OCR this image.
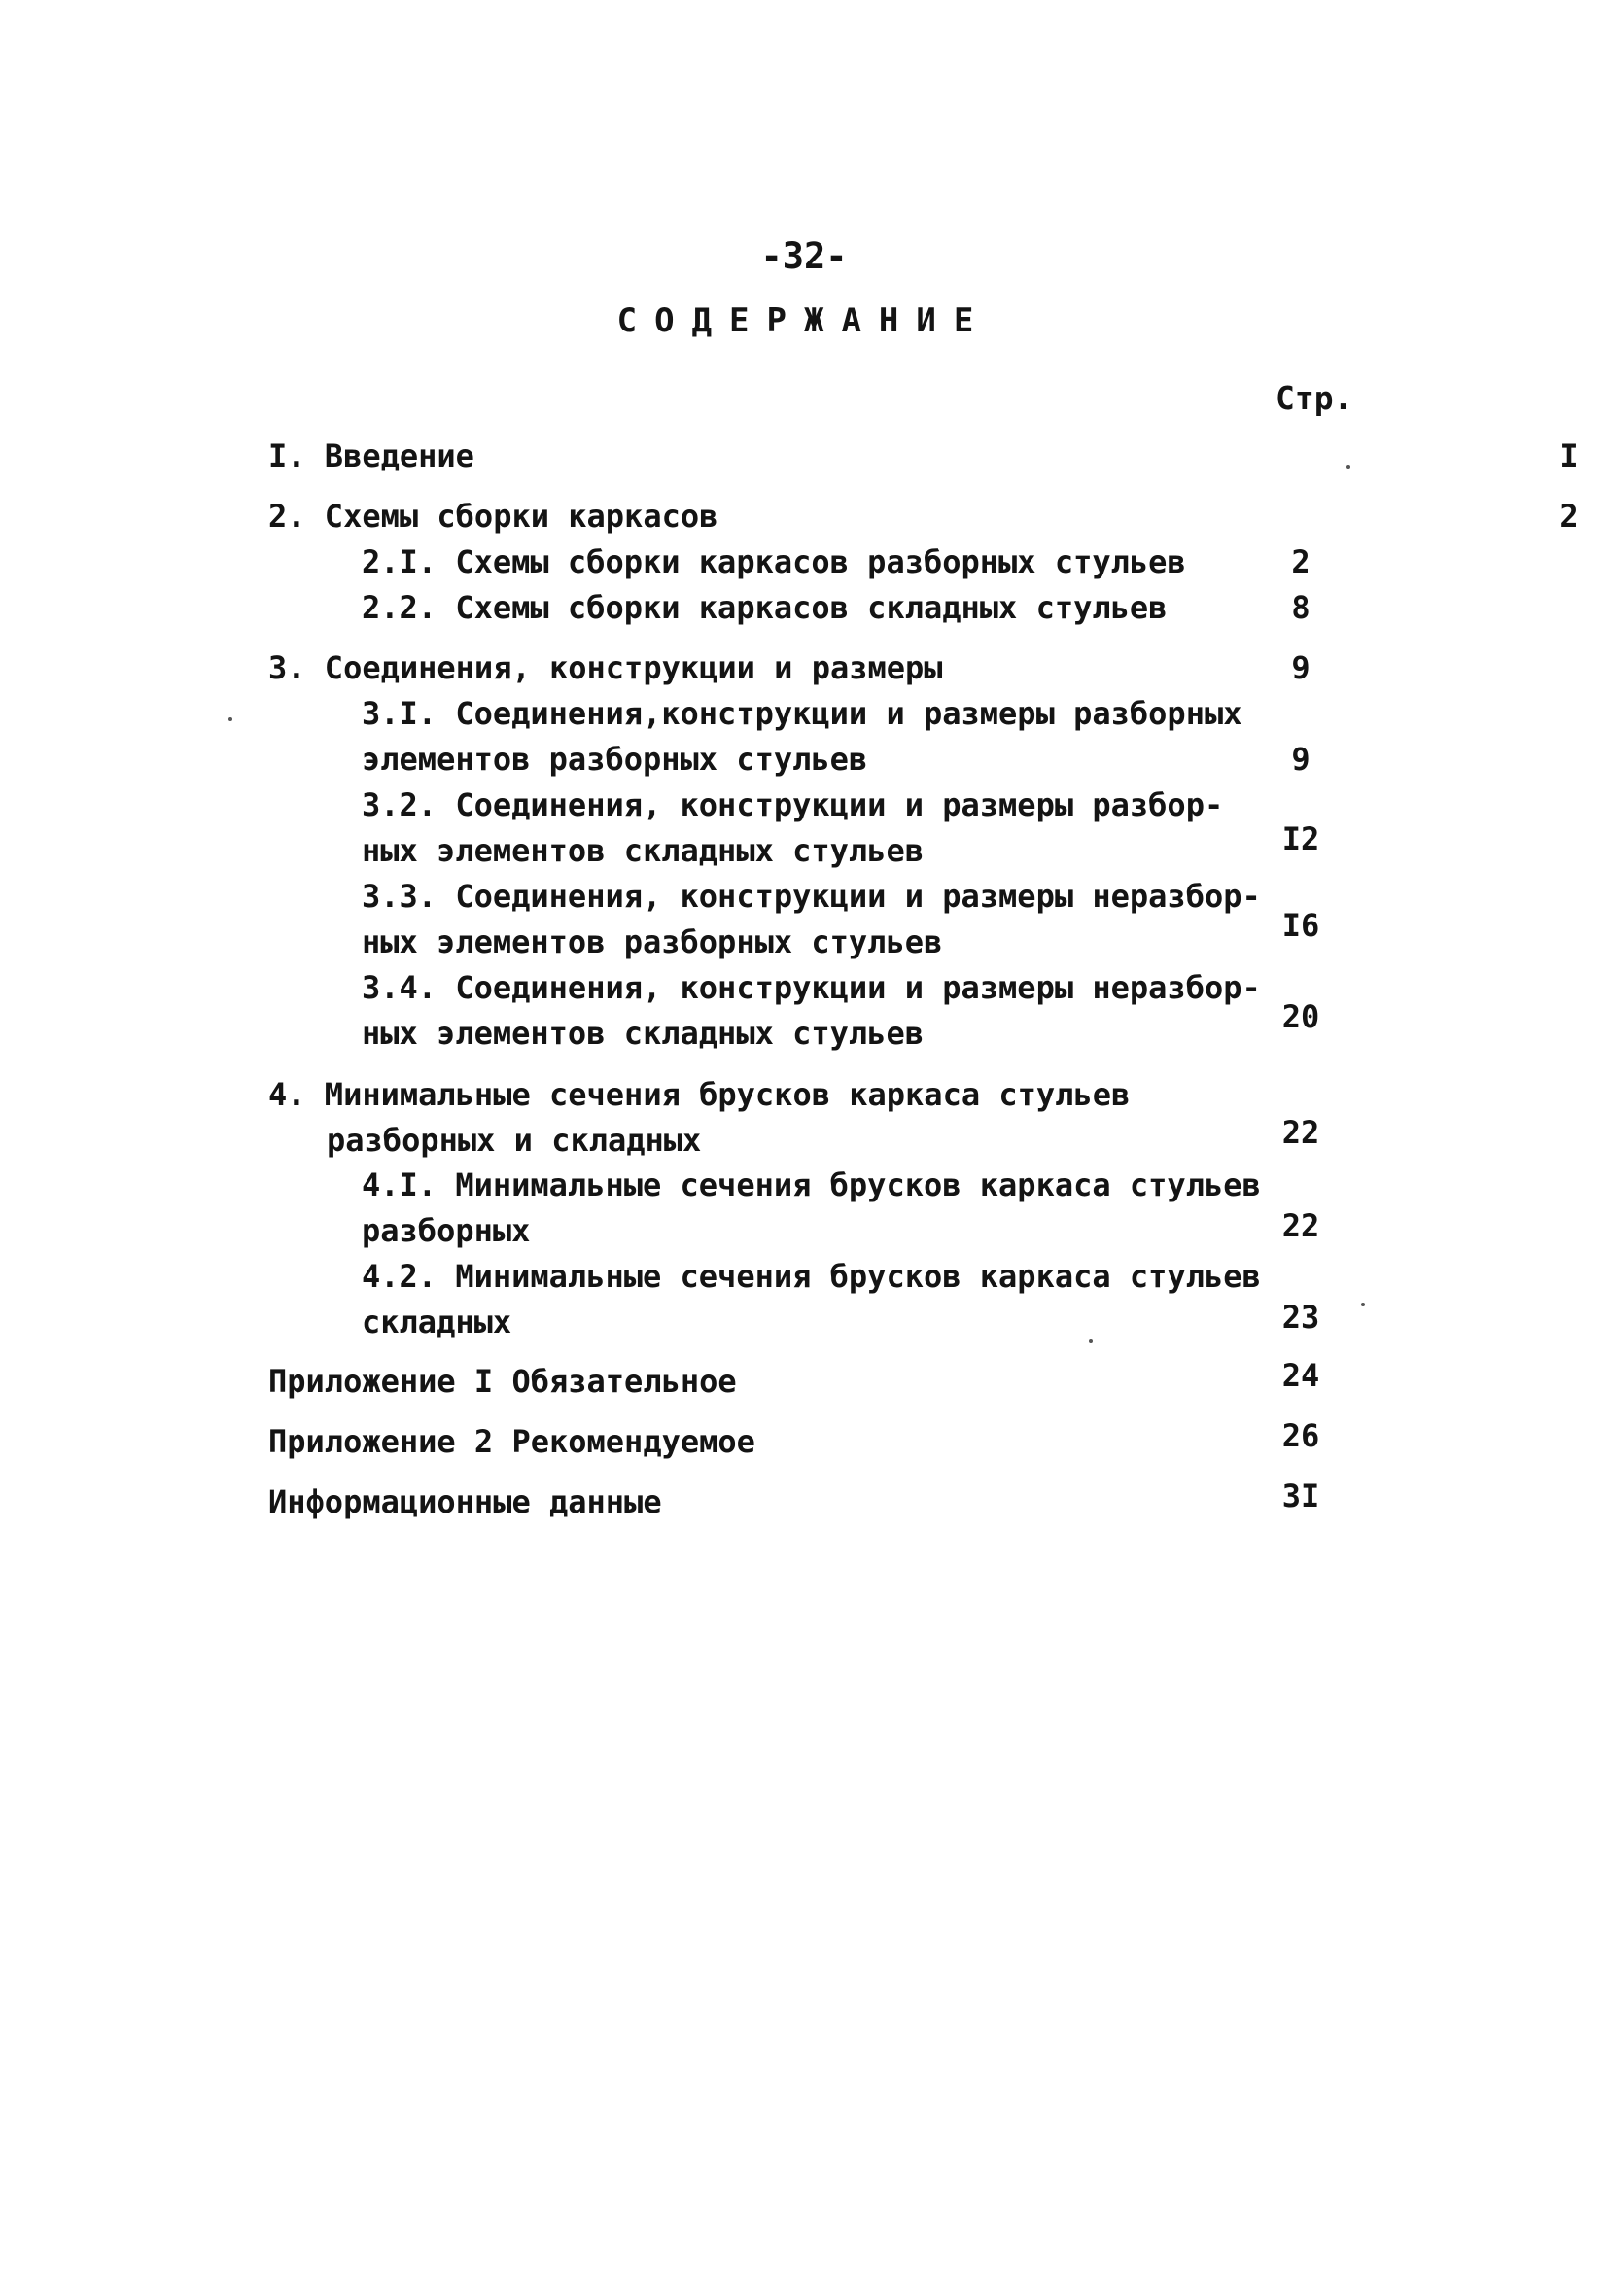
-32-
СОДЕРЖАНИЕ
Стр.
I. Введение	I
2. Схемы сборки каркасов	2
2.I. Схемы сборки каркасов разборных стульев	2
2.2. Схемы сборки каркасов складных стульев	8
3. Соединения, конструкции и размеры	9
3.I. Соединения,конструкции и размеры разборных
элементов разборных стульев	9
3.2. Соединения, конструкции и размеры разбор-
ных элементов складных стульев	I2
3.3. Соединения, конструкции и размеры неразбор-
ных элементов разборных стульев	I6
3.4. Соединения, конструкции и размеры неразбор-
ных элементов складных стульев	20
4. Минимальные сечения брусков каркаса стульев
разборных и складных	22
4.I. Минимальные сечения брусков каркаса стульев
разборных	22
4.2. Минимальные сечения брусков каркаса стульев
складных	23
Приложение I Обязательное	24
Приложение 2 Рекомендуемое	26
Информационные данные	3I
